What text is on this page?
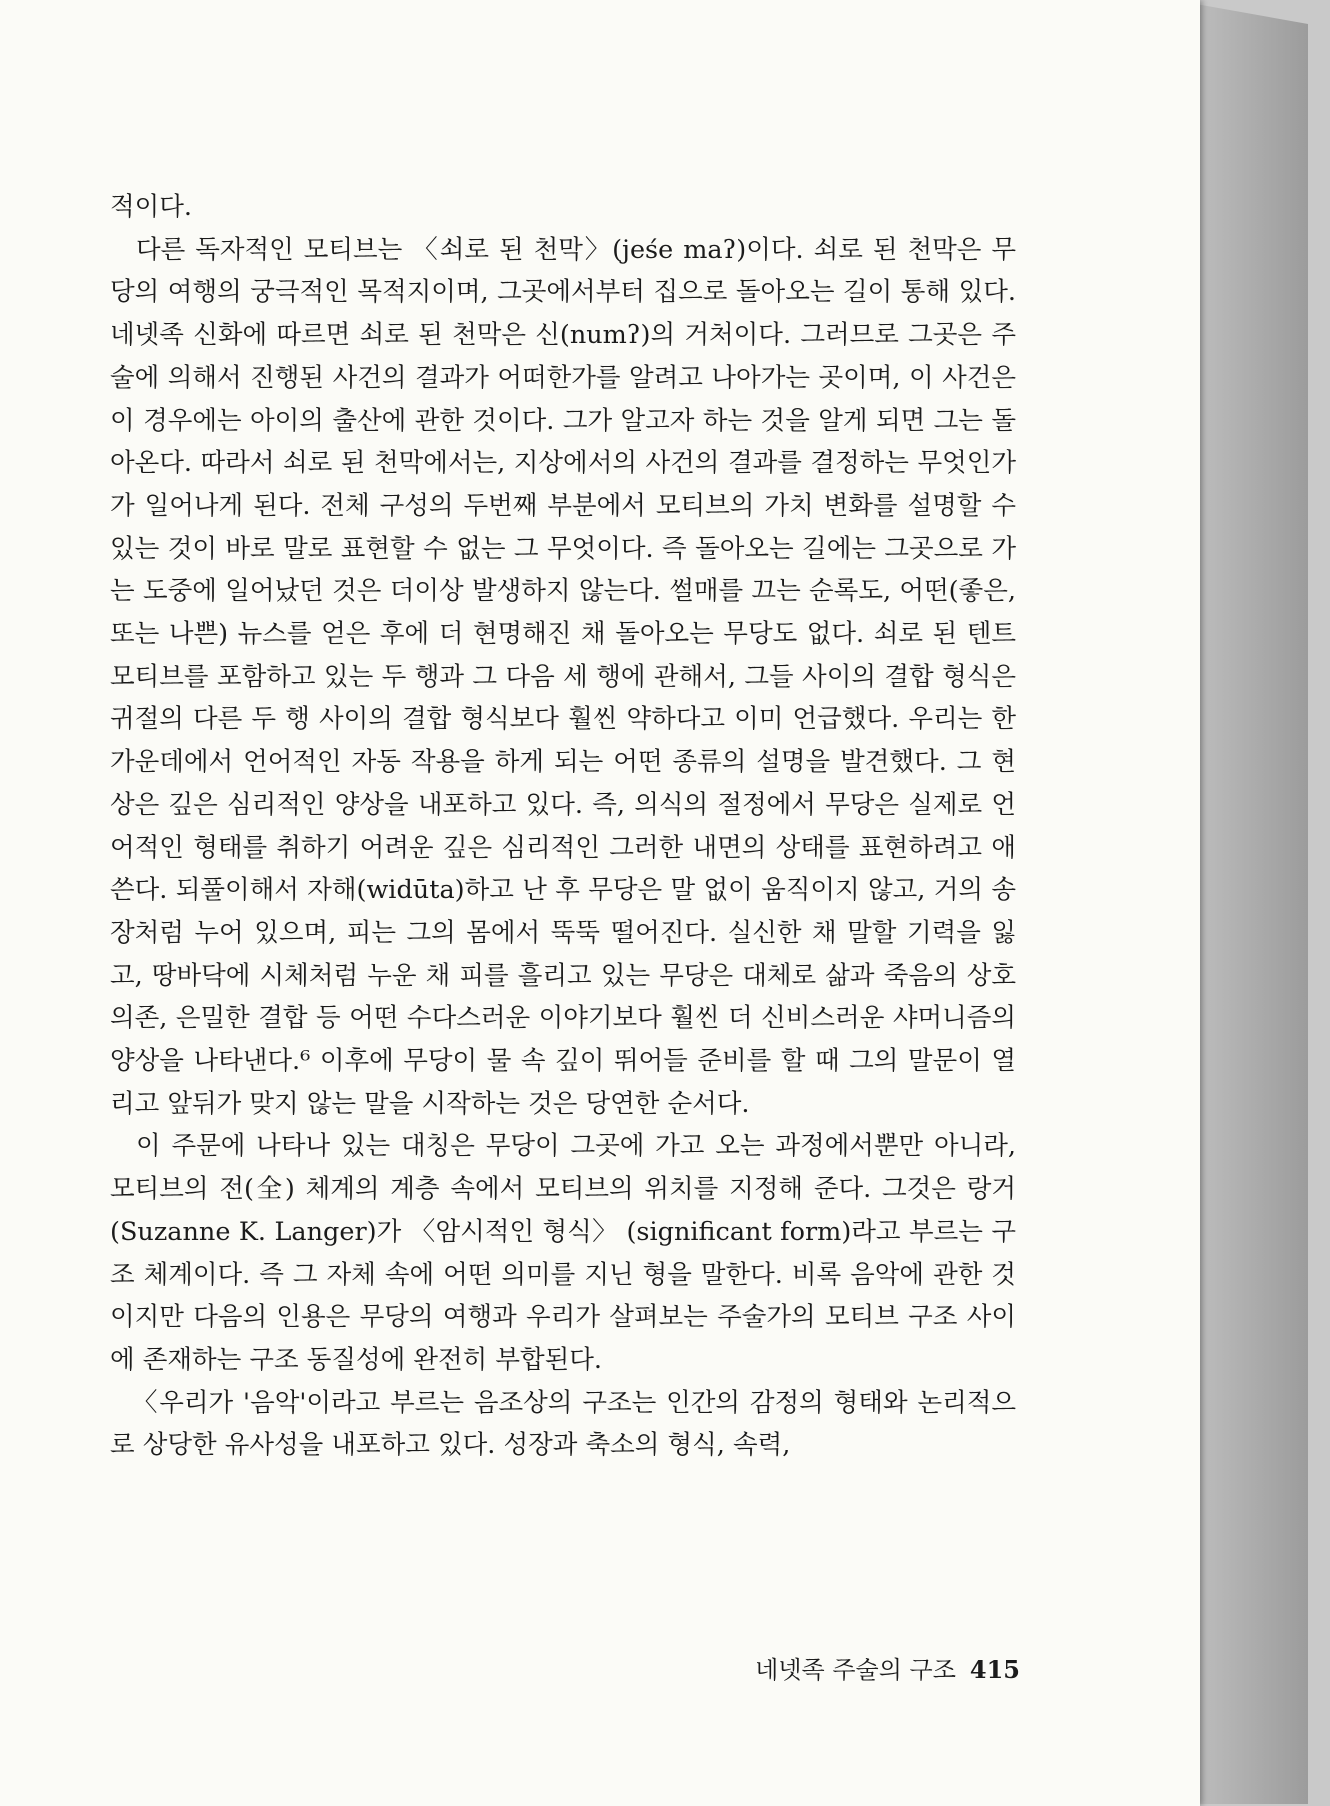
적이다.

다른 독자적인 모티브는 〈쇠로 된 천막〉(jeśe maʔ)이다. 쇠로 된 천막은 무당의 여행의 궁극적인 목적지이며, 그곳에서부터 집으로 돌아오는 길이 통해 있다. 네넷족 신화에 따르면 쇠로 된 천막은 신(numʔ)의 거처이다. 그러므로 그곳은 주술에 의해서 진행된 사건의 결과가 어떠한가를 알려고 나아가는 곳이며, 이 사건은 이 경우에는 아이의 출산에 관한 것이다. 그가 알고자 하는 것을 알게 되면 그는 돌아온다. 따라서 쇠로 된 천막에서는, 지상에서의 사건의 결과를 결정하는 무엇인가가 일어나게 된다. 전체 구성의 두번째 부분에서 모티브의 가치 변화를 설명할 수 있는 것이 바로 말로 표현할 수 없는 그 무엇이다. 즉 돌아오는 길에는 그곳으로 가는 도중에 일어났던 것은 더이상 발생하지 않는다. 썰매를 끄는 순록도, 어떤(좋은, 또는 나쁜) 뉴스를 얻은 후에 더 현명해진 채 돌아오는 무당도 없다. 쇠로 된 텐트 모티브를 포함하고 있는 두 행과 그 다음 세 행에 관해서, 그들 사이의 결합 형식은 귀절의 다른 두 행 사이의 결합 형식보다 훨씬 약하다고 이미 언급했다. 우리는 한가운데에서 언어적인 자동 작용을 하게 되는 어떤 종류의 설명을 발견했다. 그 현상은 깊은 심리적인 양상을 내포하고 있다. 즉, 의식의 절정에서 무당은 실제로 언어적인 형태를 취하기 어려운 깊은 심리적인 그러한 내면의 상태를 표현하려고 애쓴다. 되풀이해서 자해(widūta)하고 난 후 무당은 말 없이 움직이지 않고, 거의 송장처럼 누어 있으며, 피는 그의 몸에서 뚝뚝 떨어진다. 실신한 채 말할 기력을 잃고, 땅바닥에 시체처럼 누운 채 피를 흘리고 있는 무당은 대체로 삶과 죽음의 상호의존, 은밀한 결합 등 어떤 수다스러운 이야기보다 훨씬 더 신비스러운 샤머니즘의 양상을 나타낸다.⁶ 이후에 무당이 물 속 깊이 뛰어들 준비를 할 때 그의 말문이 열리고 앞뒤가 맞지 않는 말을 시작하는 것은 당연한 순서다.

이 주문에 나타나 있는 대칭은 무당이 그곳에 가고 오는 과정에서뿐만 아니라, 모티브의 전(全) 체계의 계층 속에서 모티브의 위치를 지정해 준다. 그것은 랑거(Suzanne K. Langer)가 〈암시적인 형식〉 (significant form)라고 부르는 구조 체계이다. 즉 그 자체 속에 어떤 의미를 지닌 형을 말한다. 비록 음악에 관한 것이지만 다음의 인용은 무당의 여행과 우리가 살펴보는 주술가의 모티브 구조 사이에 존재하는 구조 동질성에 완전히 부합된다.

〈우리가 '음악'이라고 부르는 음조상의 구조는 인간의 감정의 형태와 논리적으로 상당한 유사성을 내포하고 있다. 성장과 축소의 형식, 속력,

네넷족 주술의 구조 415
